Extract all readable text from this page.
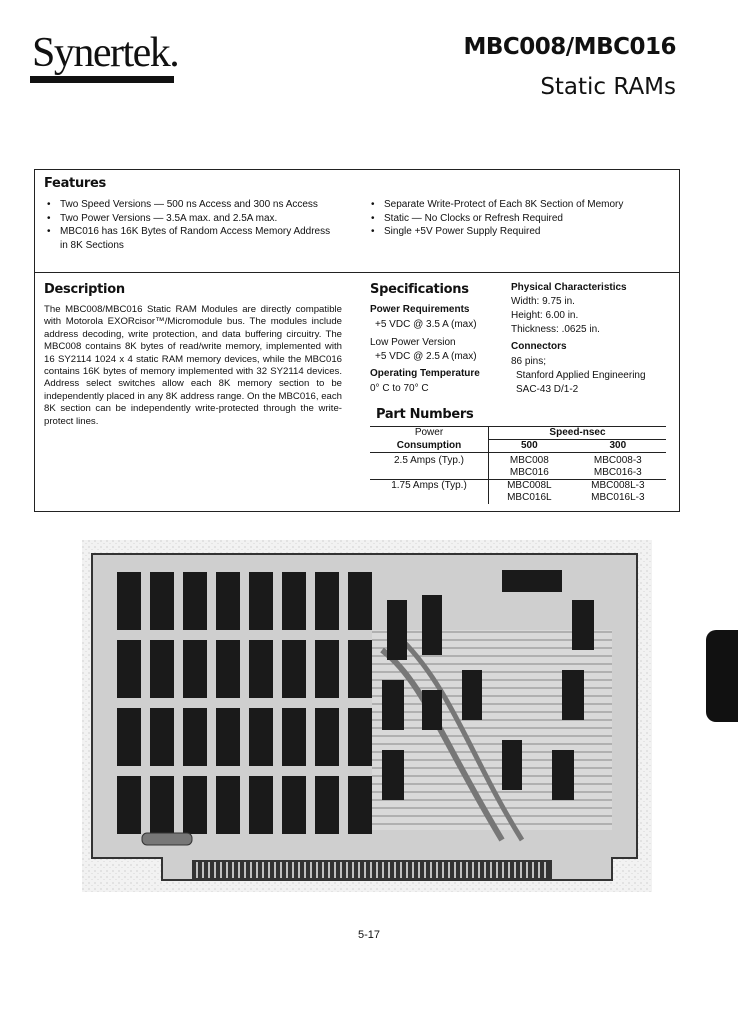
Synertek.	MBC008/MBC016
Static RAMs
Features
• Two Speed Versions — 500 ns Access and 300 ns Access
• Two Power Versions — 3.5A max. and 2.5A max.
• MBC016 has 16K Bytes of Random Access Memory Address in 8K Sections
• Separate Write-Protect of Each 8K Section of Memory
• Static — No Clocks or Refresh Required
• Single +5V Power Supply Required
Description
The MBC008/MBC016 Static RAM Modules are directly compatible with Motorola EXORcisor™/Micromodule bus. The modules include address decoding, write protection, and data buffering circuitry. The MBC008 contains 8K bytes of read/write memory, implemented with 16 SY2114 1024 x 4 static RAM memory devices, while the MBC016 contains 16K bytes of memory implemented with 32 SY2114 devices. Address select switches allow each 8K memory section to be independently placed in any 8K address range. On the MBC016, each 8K section can be independently write-protected through the write-protect lines.
Specifications
Power Requirements
+5 VDC @ 3.5 A (max)
Low Power Version
+5 VDC @ 2.5 A (max)
Operating Temperature
0° C to 70° C
Physical Characteristics
Width: 9.75 in.
Height: 6.00 in.
Thickness: .0625 in.
Connectors
86 pins;
Stanford Applied Engineering
SAC-43 D/1-2
Part Numbers
Power	Speed-nsec	
Consumption	500	300
2.5 Amps (Typ.)	MBC008	MBC008-3
	MBC016	MBC016-3
1.75 Amps (Typ.)	MBC008L	MBC008L-3
	MBC016L	MBC016L-3
5-17
